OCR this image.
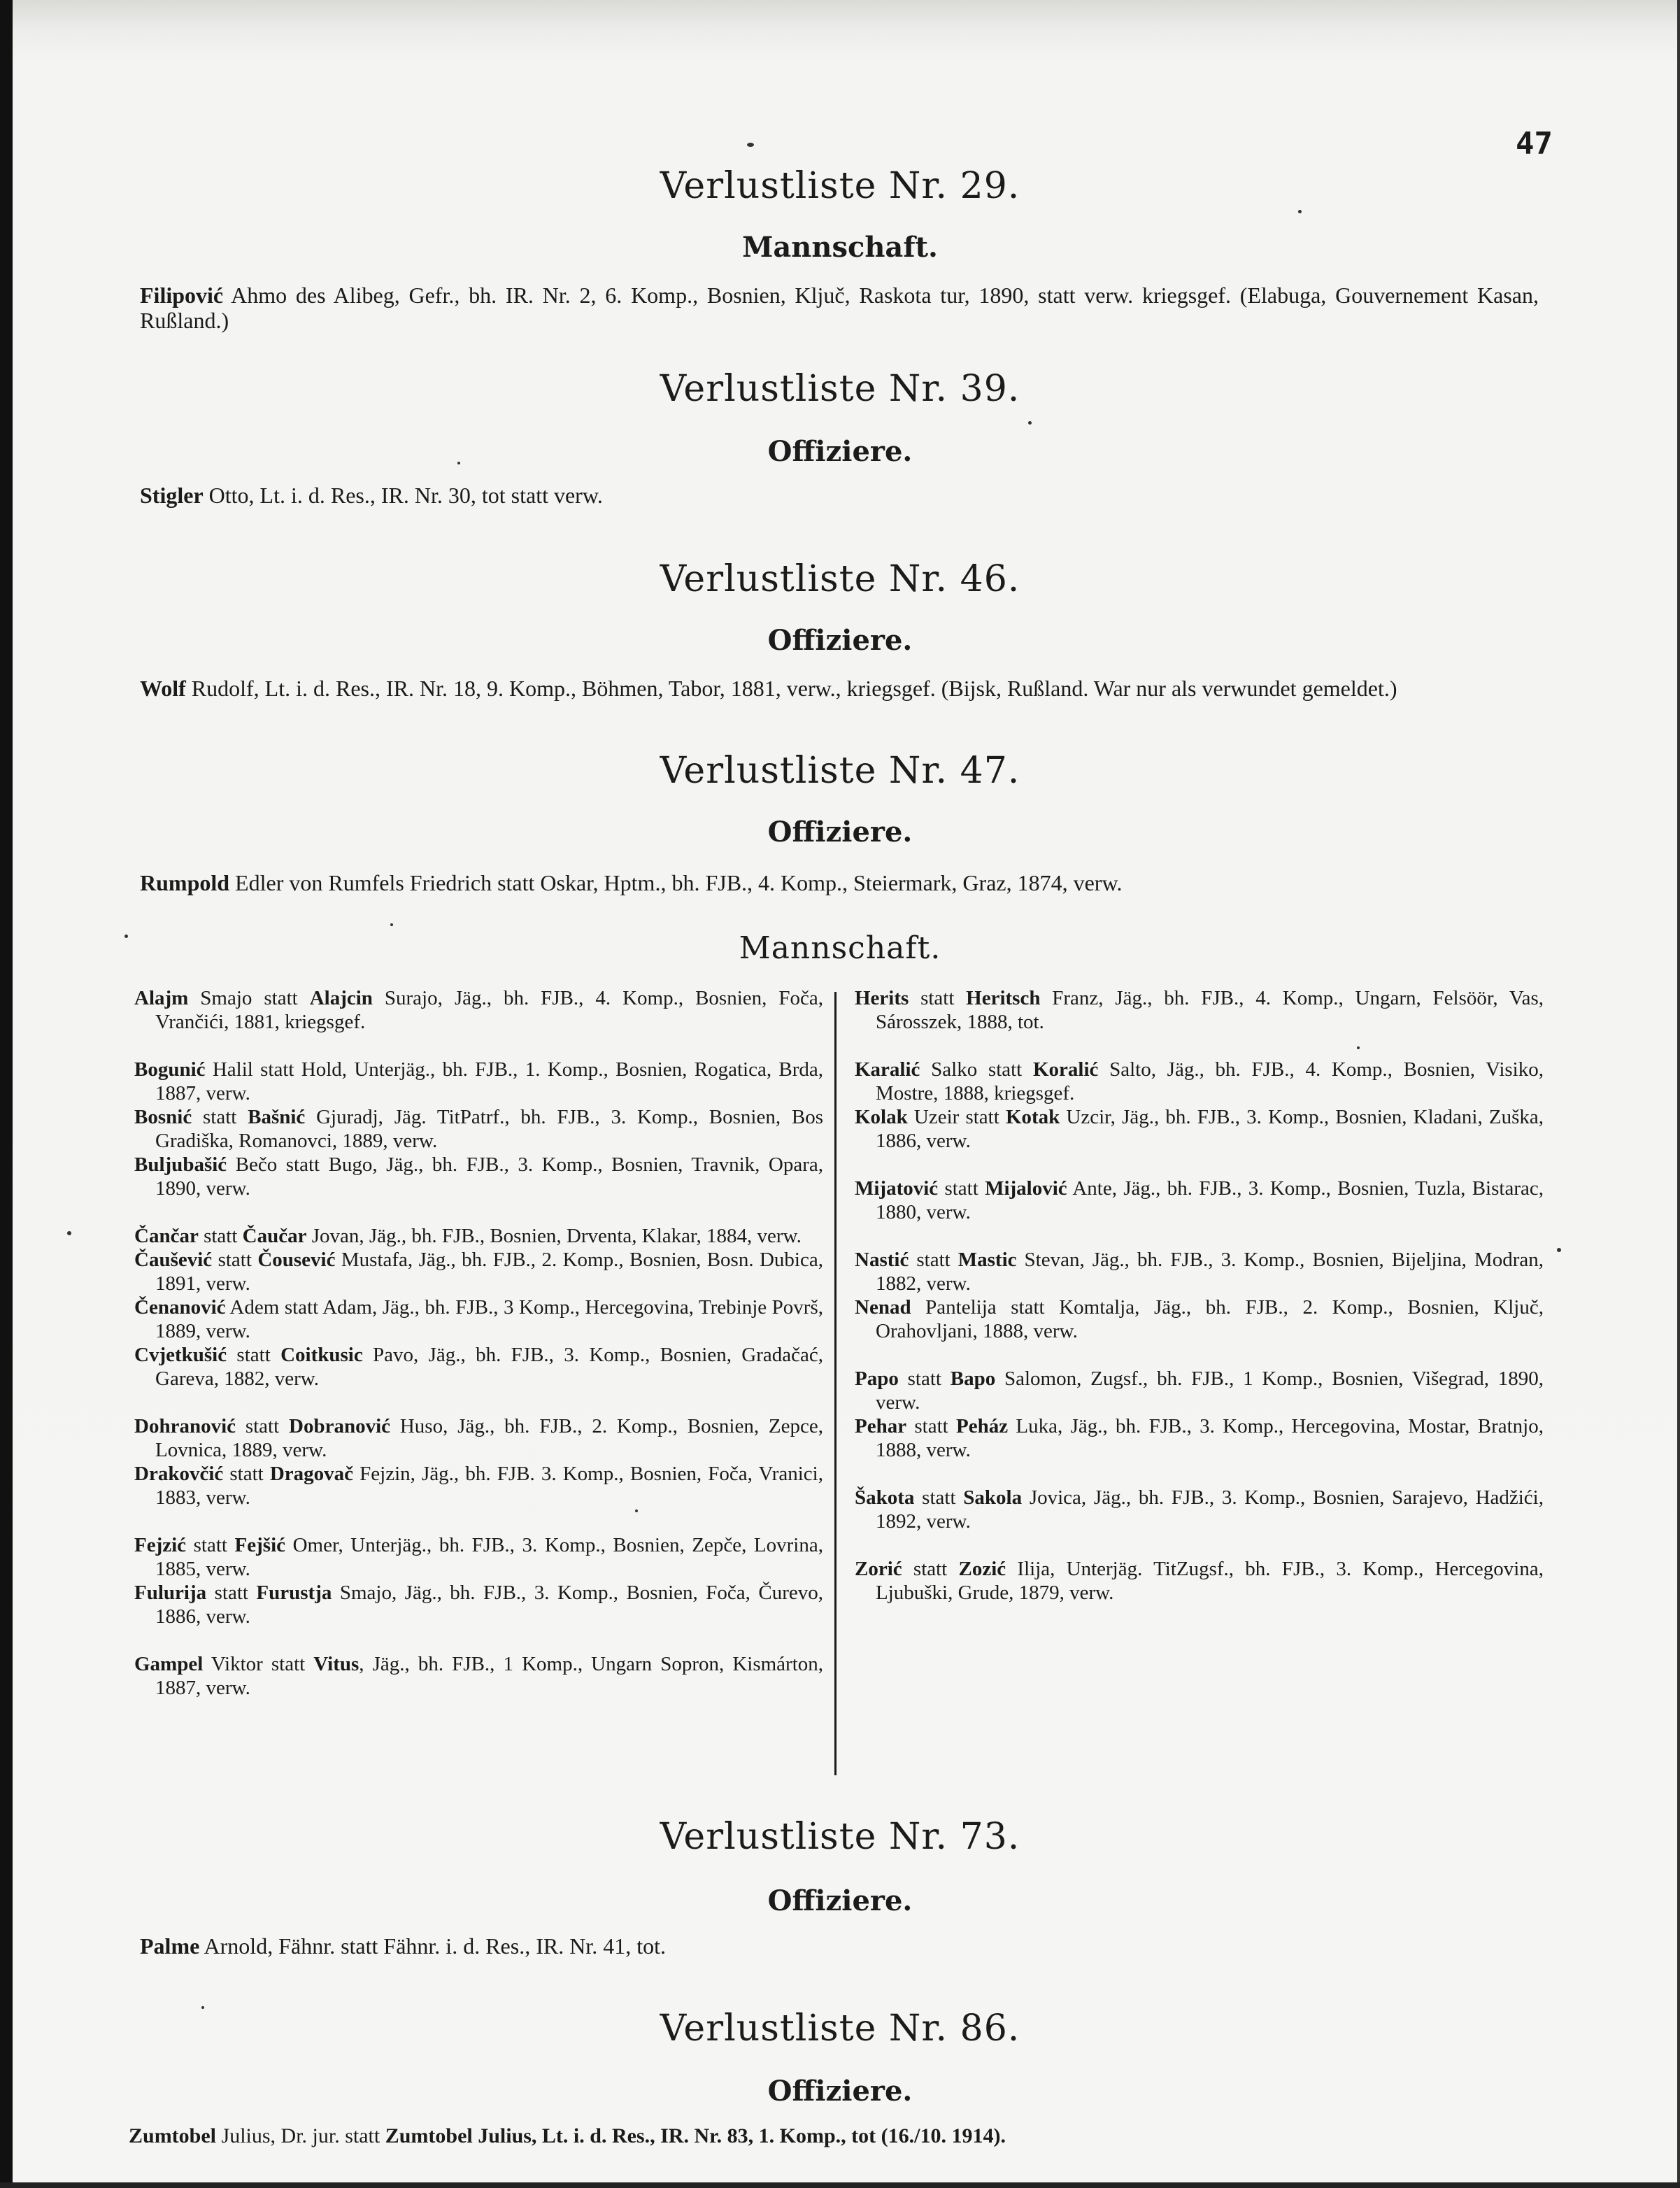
47
Verlustliste Nr. 29.
Mannschaft.
Filipović Ahmo des Alibeg, Gefr., bh. IR. Nr. 2, 6. Komp., Bosnien, Ključ, Raskota tur, 1890, statt verw. kriegsgef. (Elabuga, Gouvernement Kasan, Rußland.)
Verlustliste Nr. 39.
Offiziere.
Stigler Otto, Lt. i. d. Res., IR. Nr. 30, tot statt verw.
Verlustliste Nr. 46.
Offiziere.
Wolf Rudolf, Lt. i. d. Res., IR. Nr. 18, 9. Komp., Böhmen, Tabor, 1881, verw., kriegsgef. (Bijsk, Rußland. War nur als verwundet gemeldet.)
Verlustliste Nr. 47.
Offiziere.
Rumpold Edler von Rumfels Friedrich statt Oskar, Hptm., bh. FJB., 4. Komp., Steiermark, Graz, 1874, verw.
Mannschaft.
Alajm Smajo statt Alajcin Surajo, Jäg., bh. FJB., 4. Komp., Bosnien, Foča, Vrančići, 1881, kriegsgef.
Bogunić Halil statt Hold, Unterjäg., bh. FJB., 1. Komp., Bosnien, Rogatica, Brda, 1887, verw.
Bosnić statt Bašnić Gjuradj, Jäg. TitPatrf., bh. FJB., 3. Komp., Bosnien, Bos Gradiška, Romanovci, 1889, verw.
Buljubašić Bečo statt Bugo, Jäg., bh. FJB., 3. Komp., Bosnien, Travnik, Opara, 1890, verw.
Čančar statt Čaučar Jovan, Jäg., bh. FJB., Bosnien, Drventa, Klakar, 1884, verw.
Čaušević statt Čousević Mustafa, Jäg., bh. FJB., 2. Komp., Bosnien, Bosn. Dubica, 1891, verw.
Čenanović Adem statt Adam, Jäg., bh. FJB., 3 Komp., Hercegovina, Trebinje Površ, 1889, verw.
Cvjetkušić statt Coitkusic Pavo, Jäg., bh. FJB., 3. Komp., Bosnien, Gradačać, Gareva, 1882, verw.
Dohranović statt Dobranović Huso, Jäg., bh. FJB., 2. Komp., Bosnien, Zepce, Lovnica, 1889, verw.
Drakovčić statt Dragovač Fejzin, Jäg., bh. FJB. 3. Komp., Bosnien, Foča, Vranici, 1883, verw.
Fejzić statt Fejšić Omer, Unterjäg., bh. FJB., 3. Komp., Bosnien, Zepče, Lovrina, 1885, verw.
Fulurija statt Furustja Smajo, Jäg., bh. FJB., 3. Komp., Bosnien, Foča, Čurevo, 1886, verw.
Gampel Viktor statt Vitus, Jäg., bh. FJB., 1 Komp., Ungarn Sopron, Kismárton, 1887, verw.
Herits statt Heritsch Franz, Jäg., bh. FJB., 4. Komp., Ungarn, Felsöör, Vas, Sárosszek, 1888, tot.
Karalić Salko statt Koralić Salto, Jäg., bh. FJB., 4. Komp., Bosnien, Visiko, Mostre, 1888, kriegsgef.
Kolak Uzeir statt Kotak Uzcir, Jäg., bh. FJB., 3. Komp., Bosnien, Kladani, Zuška, 1886, verw.
Mijatović statt Mijalović Ante, Jäg., bh. FJB., 3. Komp., Bosnien, Tuzla, Bistarac, 1880, verw.
Nastić statt Mastic Stevan, Jäg., bh. FJB., 3. Komp., Bosnien, Bijeljina, Modran, 1882, verw.
Nenad Pantelija statt Komtalja, Jäg., bh. FJB., 2. Komp., Bosnien, Ključ, Orahovljani, 1888, verw.
Papo statt Bapo Salomon, Zugsf., bh. FJB., 1 Komp., Bosnien, Višegrad, 1890, verw.
Pehar statt Peház Luka, Jäg., bh. FJB., 3. Komp., Hercegovina, Mostar, Bratnjo, 1888, verw.
Šakota statt Sakola Jovica, Jäg., bh. FJB., 3. Komp., Bosnien, Sarajevo, Hadžići, 1892, verw.
Zorić statt Zozić Ilija, Unterjäg. TitZugsf., bh. FJB., 3. Komp., Hercegovina, Ljubuški, Grude, 1879, verw.
Verlustliste Nr. 73.
Offiziere.
Palme Arnold, Fähnr. statt Fähnr. i. d. Res., IR. Nr. 41, tot.
Verlustliste Nr. 86.
Offiziere.
Zumtobel Julius, Dr. jur. statt Zumtobel Julius, Lt. i. d. Res., IR. Nr. 83, 1. Komp., tot (16./10. 1914).
